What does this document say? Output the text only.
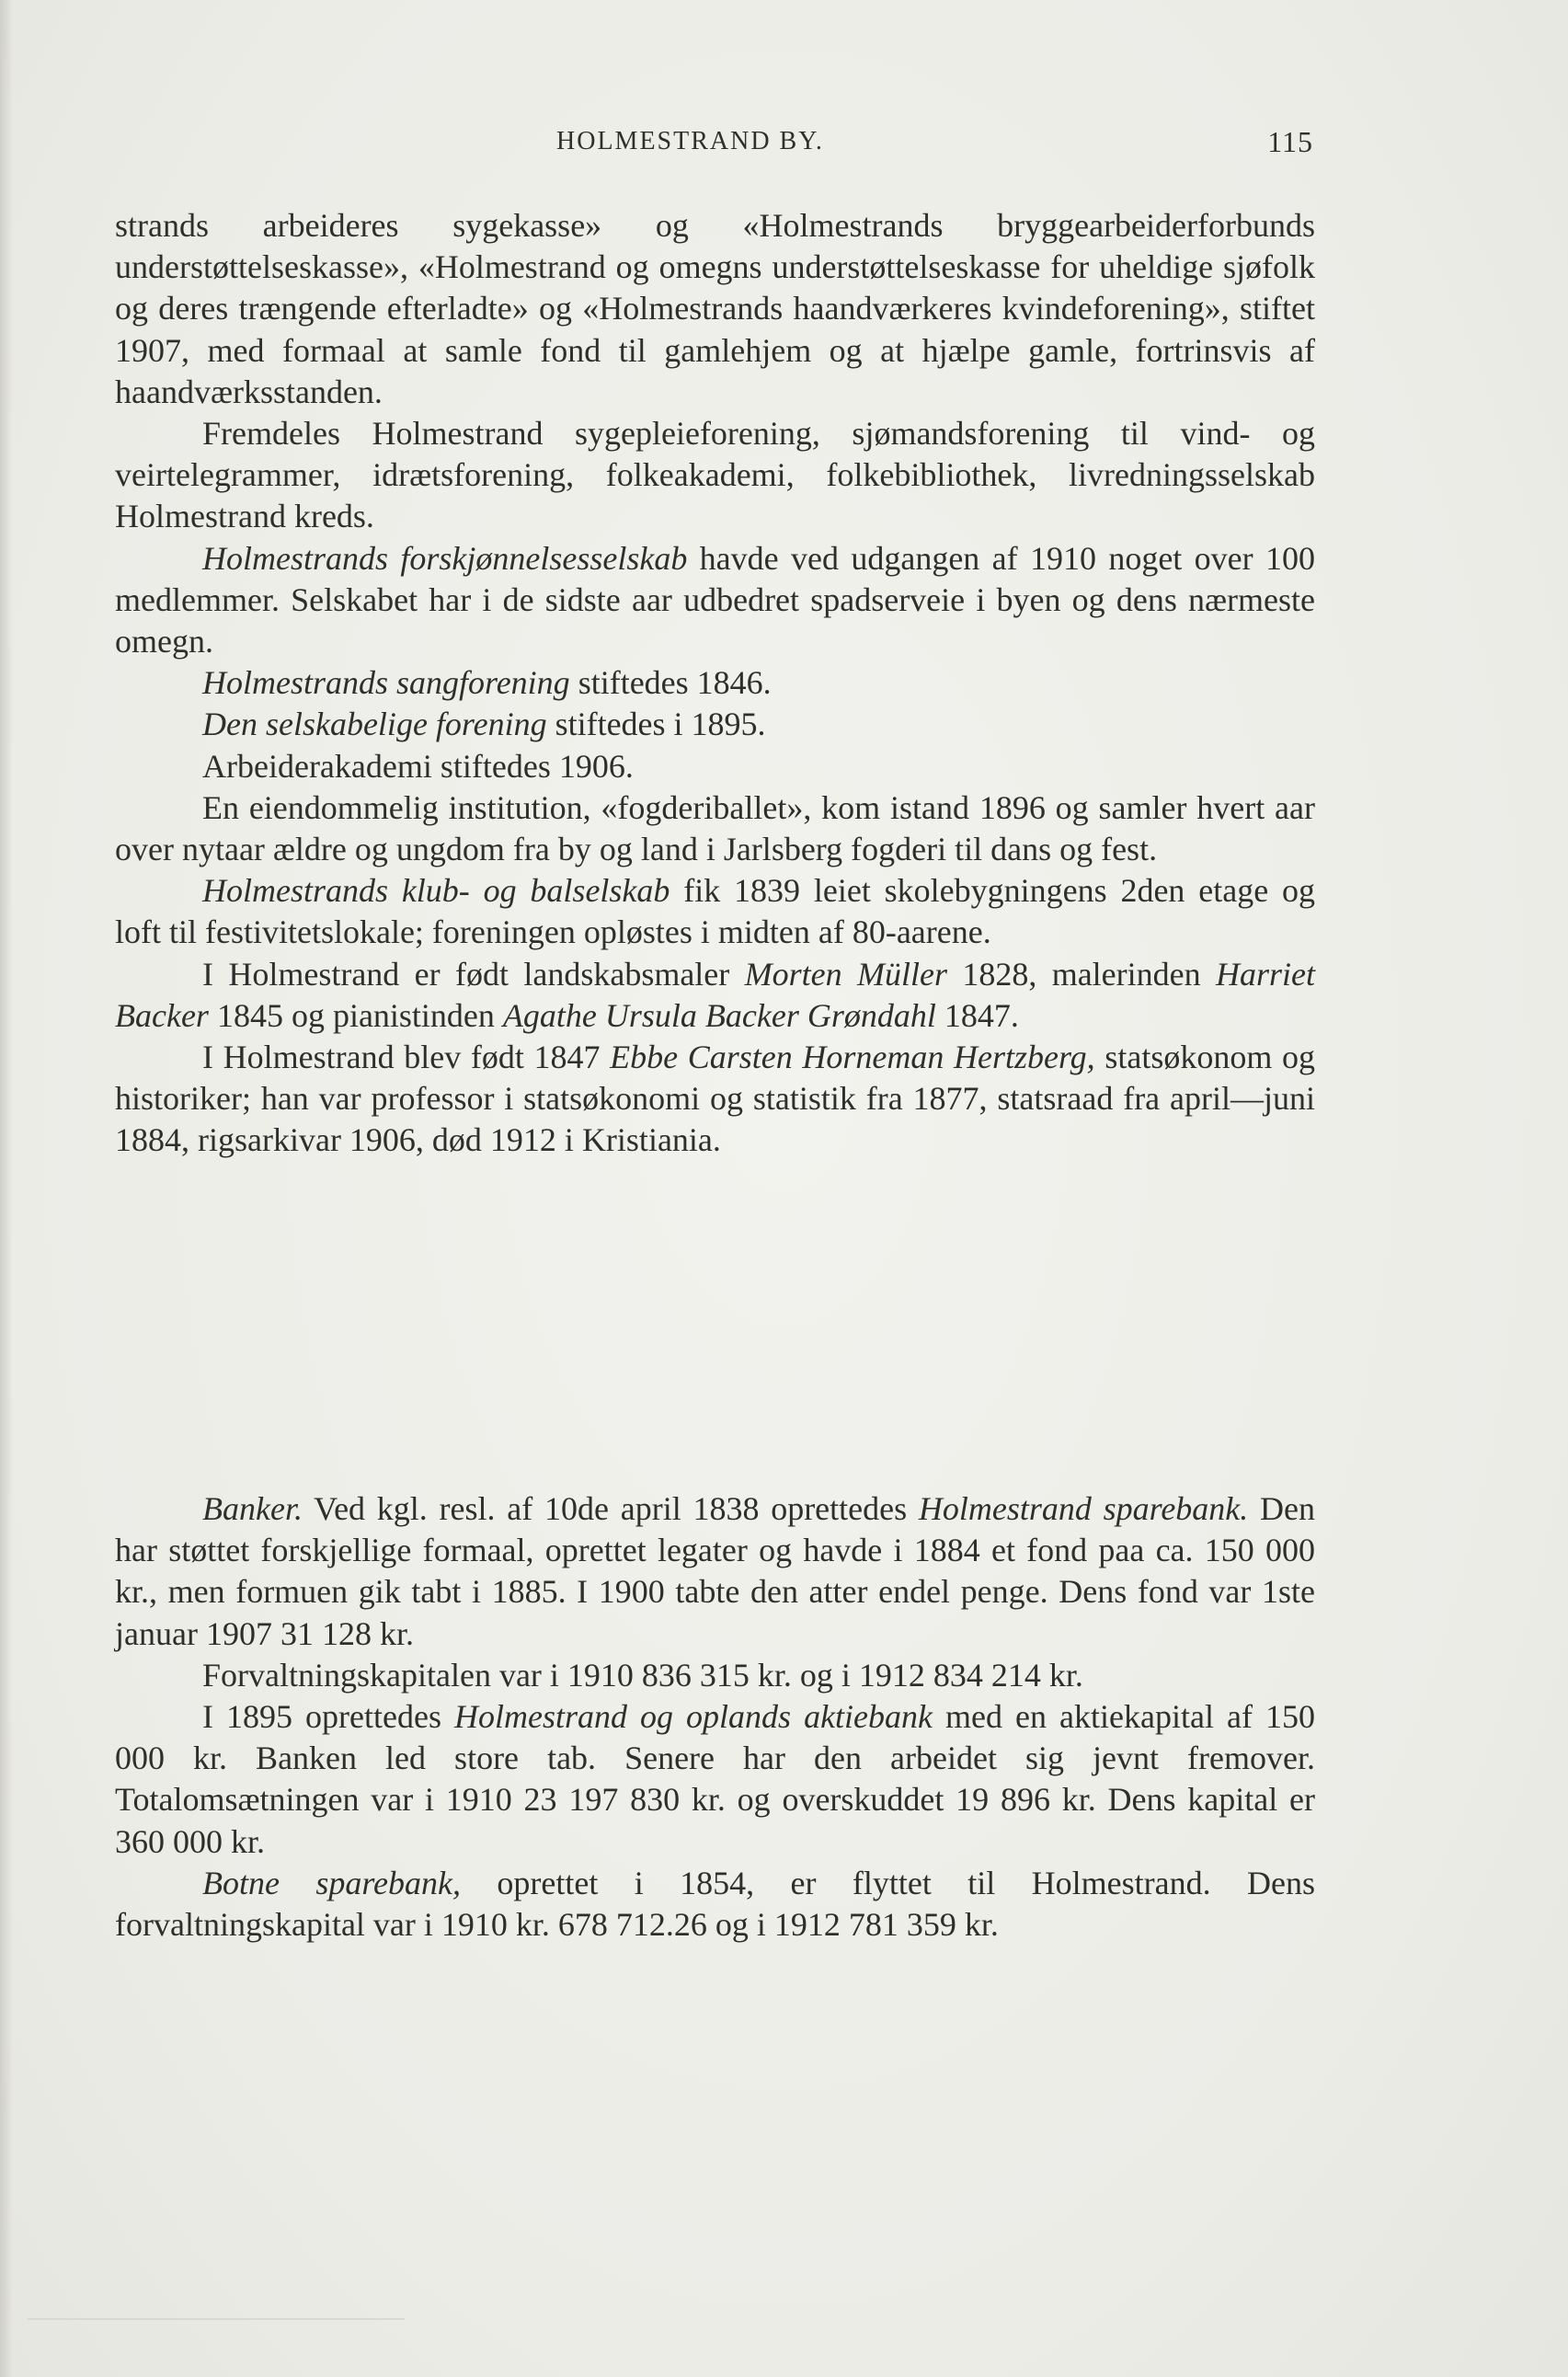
HOLMESTRAND BY.	115

strands arbeideres sygekasse» og «Holmestrands bryggearbeiderforbunds understøttelseskasse», «Holmestrand og omegns understøttelseskasse for uheldige sjøfolk og deres trængende efterladte» og «Holmestrands haandværkeres kvindeforening», stiftet 1907, med formaal at samle fond til gamlehjem og at hjælpe gamle, fortrinsvis af haandværksstanden.

Fremdeles Holmestrand sygepleieforening, sjømandsforening til vind- og veirtelegrammer, idrætsforening, folkeakademi, folkebibliothek, livredningsselskab Holmestrand kreds.

Holmestrands forskjønnelsesselskab havde ved udgangen af 1910 noget over 100 medlemmer. Selskabet har i de sidste aar udbedret spadserveie i byen og dens nærmeste omegn.

Holmestrands sangforening stiftedes 1846.

Den selskabelige forening stiftedes i 1895.

Arbeiderakademi stiftedes 1906.

En eiendommelig institution, «fogderiballet», kom istand 1896 og samler hvert aar over nytaar ældre og ungdom fra by og land i Jarlsberg fogderi til dans og fest.

Holmestrands klub- og balselskab fik 1839 leiet skolebygningens 2den etage og loft til festivitetslokale; foreningen opløstes i midten af 80-aarene.

I Holmestrand er født landskabsmaler Morten Müller 1828, malerinden Harriet Backer 1845 og pianistinden Agathe Ursula Backer Grøndahl 1847.

I Holmestrand blev født 1847 Ebbe Carsten Horneman Hertzberg, statsøkonom og historiker; han var professor i statsøkonomi og statistik fra 1877, statsraad fra april—juni 1884, rigsarkivar 1906, død 1912 i Kristiania.

Banker. Ved kgl. resl. af 10de april 1838 oprettedes Holmestrand sparebank. Den har støttet forskjellige formaal, oprettet legater og havde i 1884 et fond paa ca. 150 000 kr., men formuen gik tabt i 1885. I 1900 tabte den atter endel penge. Dens fond var 1ste januar 1907 31 128 kr.

Forvaltningskapitalen var i 1910 836 315 kr. og i 1912 834 214 kr.

I 1895 oprettedes Holmestrand og oplands aktiebank med en aktiekapital af 150 000 kr. Banken led store tab. Senere har den arbeidet sig jevnt fremover. Totalomsætningen var i 1910 23 197 830 kr. og overskuddet 19 896 kr. Dens kapital er 360 000 kr.

Botne sparebank, oprettet i 1854, er flyttet til Holmestrand. Dens forvaltningskapital var i 1910 kr. 678 712.26 og i 1912 781 359 kr.
